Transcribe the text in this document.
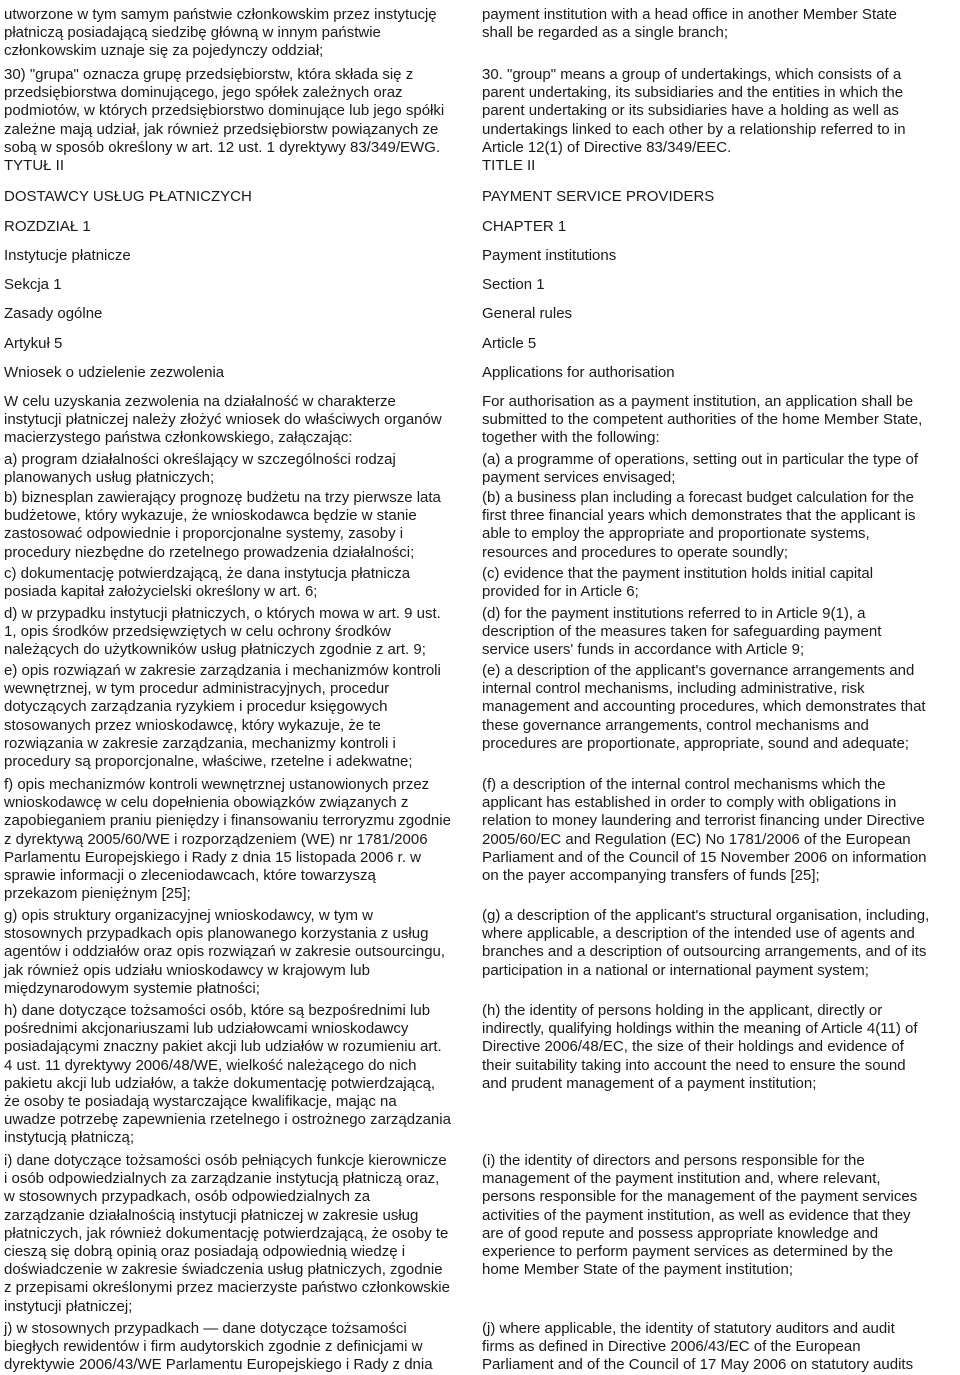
utworzone w tym samym państwie członkowskim przez instytucję
płatniczą posiadającą siedzibę główną w innym państwie
członkowskim uznaje się za pojedynczy oddział;
30) "grupa" oznacza grupę przedsiębiorstw, która składa się z
przedsiębiorstwa dominującego, jego spółek zależnych oraz
podmiotów, w których przedsiębiorstwo dominujące lub jego spółki
zależne mają udział, jak również przedsiębiorstw powiązanych ze
sobą w sposób określony w art. 12 ust. 1 dyrektywy 83/349/EWG.
TYTUŁ II
DOSTAWCY USŁUG PŁATNICZYCH
ROZDZIAŁ 1
Instytucje płatnicze
Sekcja 1
Zasady ogólne
Artykuł 5
Wniosek o udzielenie zezwolenia
W celu uzyskania zezwolenia na działalność w charakterze
instytucji płatniczej należy złożyć wniosek do właściwych organów
macierzystego państwa członkowskiego, załączając:
a) program działalności określający w szczególności rodzaj
planowanych usług płatniczych;
b) biznesplan zawierający prognozę budżetu na trzy pierwsze lata
budżetowe, który wykazuje, że wnioskodawca będzie w stanie
zastosować odpowiednie i proporcjonalne systemy, zasoby i
procedury niezbędne do rzetelnego prowadzenia działalności;
c) dokumentację potwierdzającą, że dana instytucja płatnicza
posiada kapitał założycielski określony w art. 6;
d) w przypadku instytucji płatniczych, o których mowa w art. 9 ust.
1, opis środków przedsięwziętych w celu ochrony środków
należących do użytkowników usług płatniczych zgodnie z art. 9;
e) opis rozwiązań w zakresie zarządzania i mechanizmów kontroli
wewnętrznej, w tym procedur administracyjnych, procedur
dotyczących zarządzania ryzykiem i procedur księgowych
stosowanych przez wnioskodawcę, który wykazuje, że te
rozwiązania w zakresie zarządzania, mechanizmy kontroli i
procedury są proporcjonalne, właściwe, rzetelne i adekwatne;
f) opis mechanizmów kontroli wewnętrznej ustanowionych przez
wnioskodawcę w celu dopełnienia obowiązków związanych z
zapobieganiem praniu pieniędzy i finansowaniu terroryzmu zgodnie
z dyrektywą 2005/60/WE i rozporządzeniem (WE) nr 1781/2006
Parlamentu Europejskiego i Rady z dnia 15 listopada 2006 r. w
sprawie informacji o zleceniodawcach, które towarzyszą
przekazom pieniężnym [25];
g) opis struktury organizacyjnej wnioskodawcy, w tym w
stosownych przypadkach opis planowanego korzystania z usług
agentów i oddziałów oraz opis rozwiązań w zakresie outsourcingu,
jak również opis udziału wnioskodawcy w krajowym lub
międzynarodowym systemie płatności;
h) dane dotyczące tożsamości osób, które są bezpośrednimi lub
pośrednimi akcjonariuszami lub udziałowcami wnioskodawcy
posiadającymi znaczny pakiet akcji lub udziałów w rozumieniu art.
4 ust. 11 dyrektywy 2006/48/WE, wielkość należącego do nich
pakietu akcji lub udziałów, a także dokumentację potwierdzającą,
że osoby te posiadają wystarczające kwalifikacje, mając na
uwadze potrzebę zapewnienia rzetelnego i ostrożnego zarządzania
instytucją płatniczą;
i) dane dotyczące tożsamości osób pełniących funkcje kierownicze
i osób odpowiedzialnych za zarządzanie instytucją płatniczą oraz,
w stosownych przypadkach, osób odpowiedzialnych za
zarządzanie działalnością instytucji płatniczej w zakresie usług
płatniczych, jak również dokumentację potwierdzającą, że osoby te
cieszą się dobrą opinią oraz posiadają odpowiednią wiedzę i
doświadczenie w zakresie świadczenia usług płatniczych, zgodnie
z przepisami określonymi przez macierzyste państwo członkowskie
instytucji płatniczej;
j) w stosownych przypadkach — dane dotyczące tożsamości
biegłych rewidentów i firm audytorskich zgodnie z definicjami w
dyrektywie 2006/43/WE Parlamentu Europejskiego i Rady z dnia
payment institution with a head office in another Member State
shall be regarded as a single branch;
30. "group" means a group of undertakings, which consists of a
parent undertaking, its subsidiaries and the entities in which the
parent undertaking or its subsidiaries have a holding as well as
undertakings linked to each other by a relationship referred to in
Article 12(1) of Directive 83/349/EEC.
TITLE II
PAYMENT SERVICE PROVIDERS
CHAPTER 1
Payment institutions
Section 1
General rules
Article 5
Applications for authorisation
For authorisation as a payment institution, an application shall be
submitted to the competent authorities of the home Member State,
together with the following:
(a) a programme of operations, setting out in particular the type of
payment services envisaged;
(b) a business plan including a forecast budget calculation for the
first three financial years which demonstrates that the applicant is
able to employ the appropriate and proportionate systems,
resources and procedures to operate soundly;
(c) evidence that the payment institution holds initial capital
provided for in Article 6;
(d) for the payment institutions referred to in Article 9(1), a
description of the measures taken for safeguarding payment
service users' funds in accordance with Article 9;
(e) a description of the applicant's governance arrangements and
internal control mechanisms, including administrative, risk
management and accounting procedures, which demonstrates that
these governance arrangements, control mechanisms and
procedures are proportionate, appropriate, sound and adequate;
(f) a description of the internal control mechanisms which the
applicant has established in order to comply with obligations in
relation to money laundering and terrorist financing under Directive
2005/60/EC and Regulation (EC) No 1781/2006 of the European
Parliament and of the Council of 15 November 2006 on information
on the payer accompanying transfers of funds [25];
(g) a description of the applicant's structural organisation, including,
where applicable, a description of the intended use of agents and
branches and a description of outsourcing arrangements, and of its
participation in a national or international payment system;
(h) the identity of persons holding in the applicant, directly or
indirectly, qualifying holdings within the meaning of Article 4(11) of
Directive 2006/48/EC, the size of their holdings and evidence of
their suitability taking into account the need to ensure the sound
and prudent management of a payment institution;
(i) the identity of directors and persons responsible for the
management of the payment institution and, where relevant,
persons responsible for the management of the payment services
activities of the payment institution, as well as evidence that they
are of good repute and possess appropriate knowledge and
experience to perform payment services as determined by the
home Member State of the payment institution;
(j) where applicable, the identity of statutory auditors and audit
firms as defined in Directive 2006/43/EC of the European
Parliament and of the Council of 17 May 2006 on statutory audits
